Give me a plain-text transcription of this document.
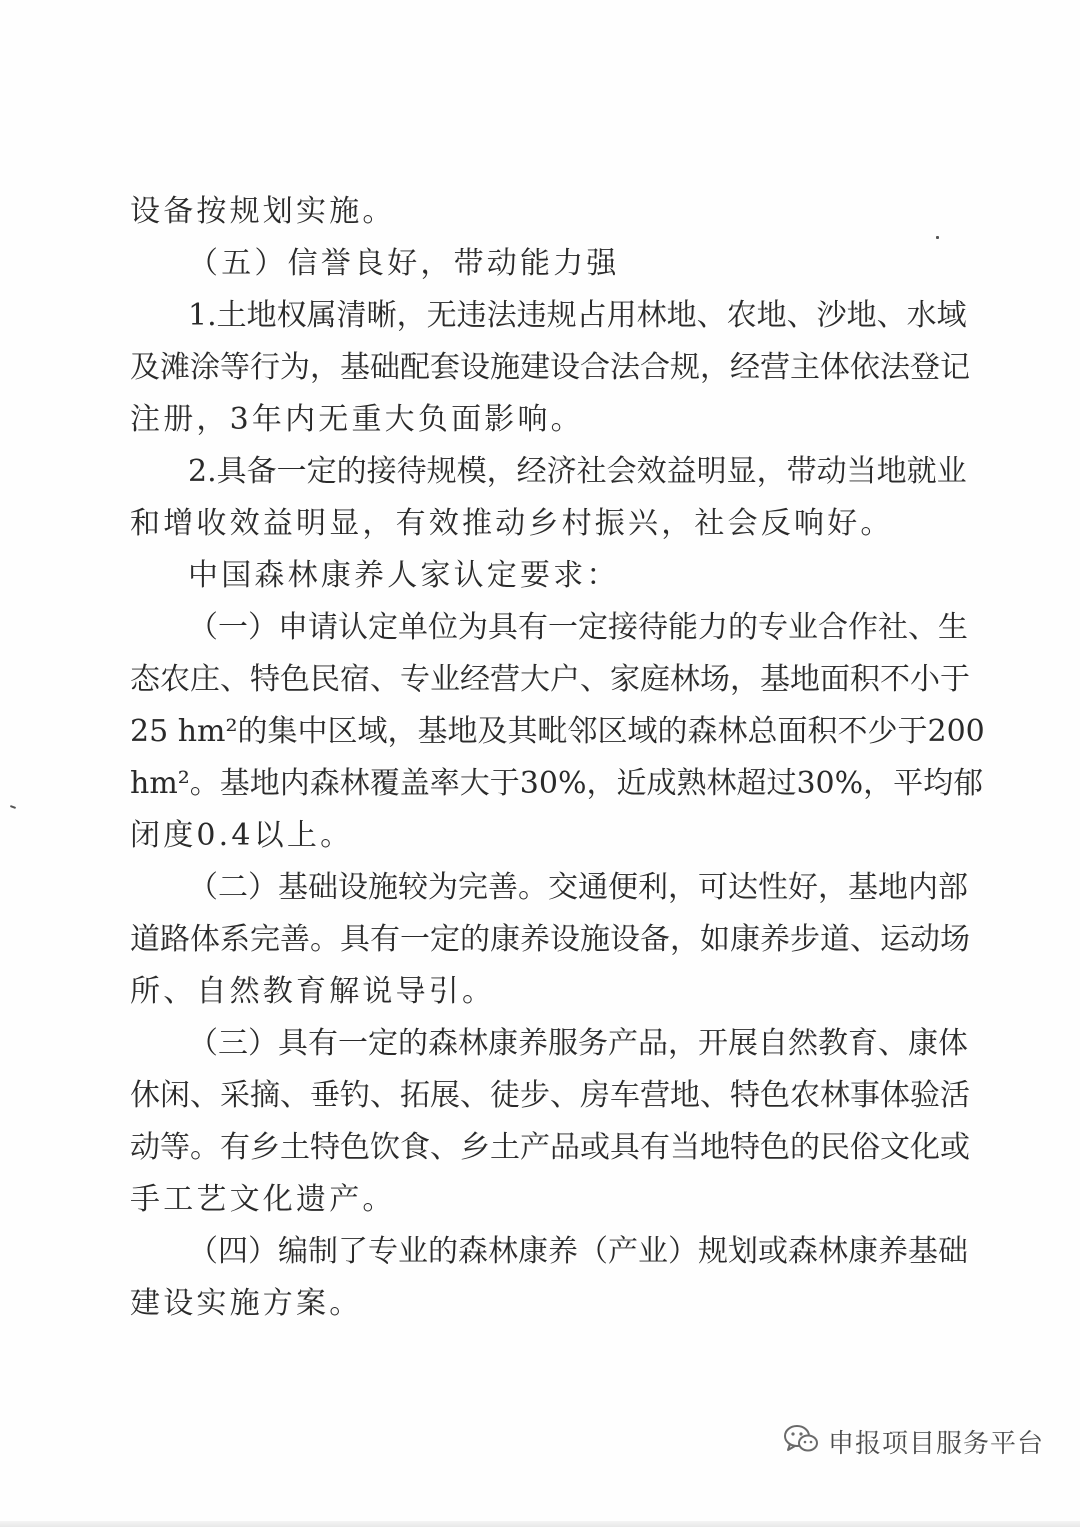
设备按规划实施。
（五）信誉良好，带动能力强
1.土地权属清晰，无违法违规占用林地、农地、沙地、水域
及滩涂等行为，基础配套设施建设合法合规，经营主体依法登记
注册，3年内无重大负面影响。
2.具备一定的接待规模，经济社会效益明显，带动当地就业
和增收效益明显，有效推动乡村振兴，社会反响好。
中国森林康养人家认定要求：
（一）申请认定单位为具有一定接待能力的专业合作社、生
态农庄、特色民宿、专业经营大户、家庭林场，基地面积不小于
25 hm²的集中区域，基地及其毗邻区域的森林总面积不少于200
hm²。基地内森林覆盖率大于30%，近成熟林超过30%，平均郁
闭度0.4以上。
（二）基础设施较为完善。交通便利，可达性好，基地内部
道路体系完善。具有一定的康养设施设备，如康养步道、运动场
所、自然教育解说导引。
（三）具有一定的森林康养服务产品，开展自然教育、康体
休闲、采摘、垂钓、拓展、徒步、房车营地、特色农林事体验活
动等。有乡土特色饮食、乡土产品或具有当地特色的民俗文化或
手工艺文化遗产。
（四）编制了专业的森林康养（产业）规划或森林康养基础
建设实施方案。
申报项目服务平台
